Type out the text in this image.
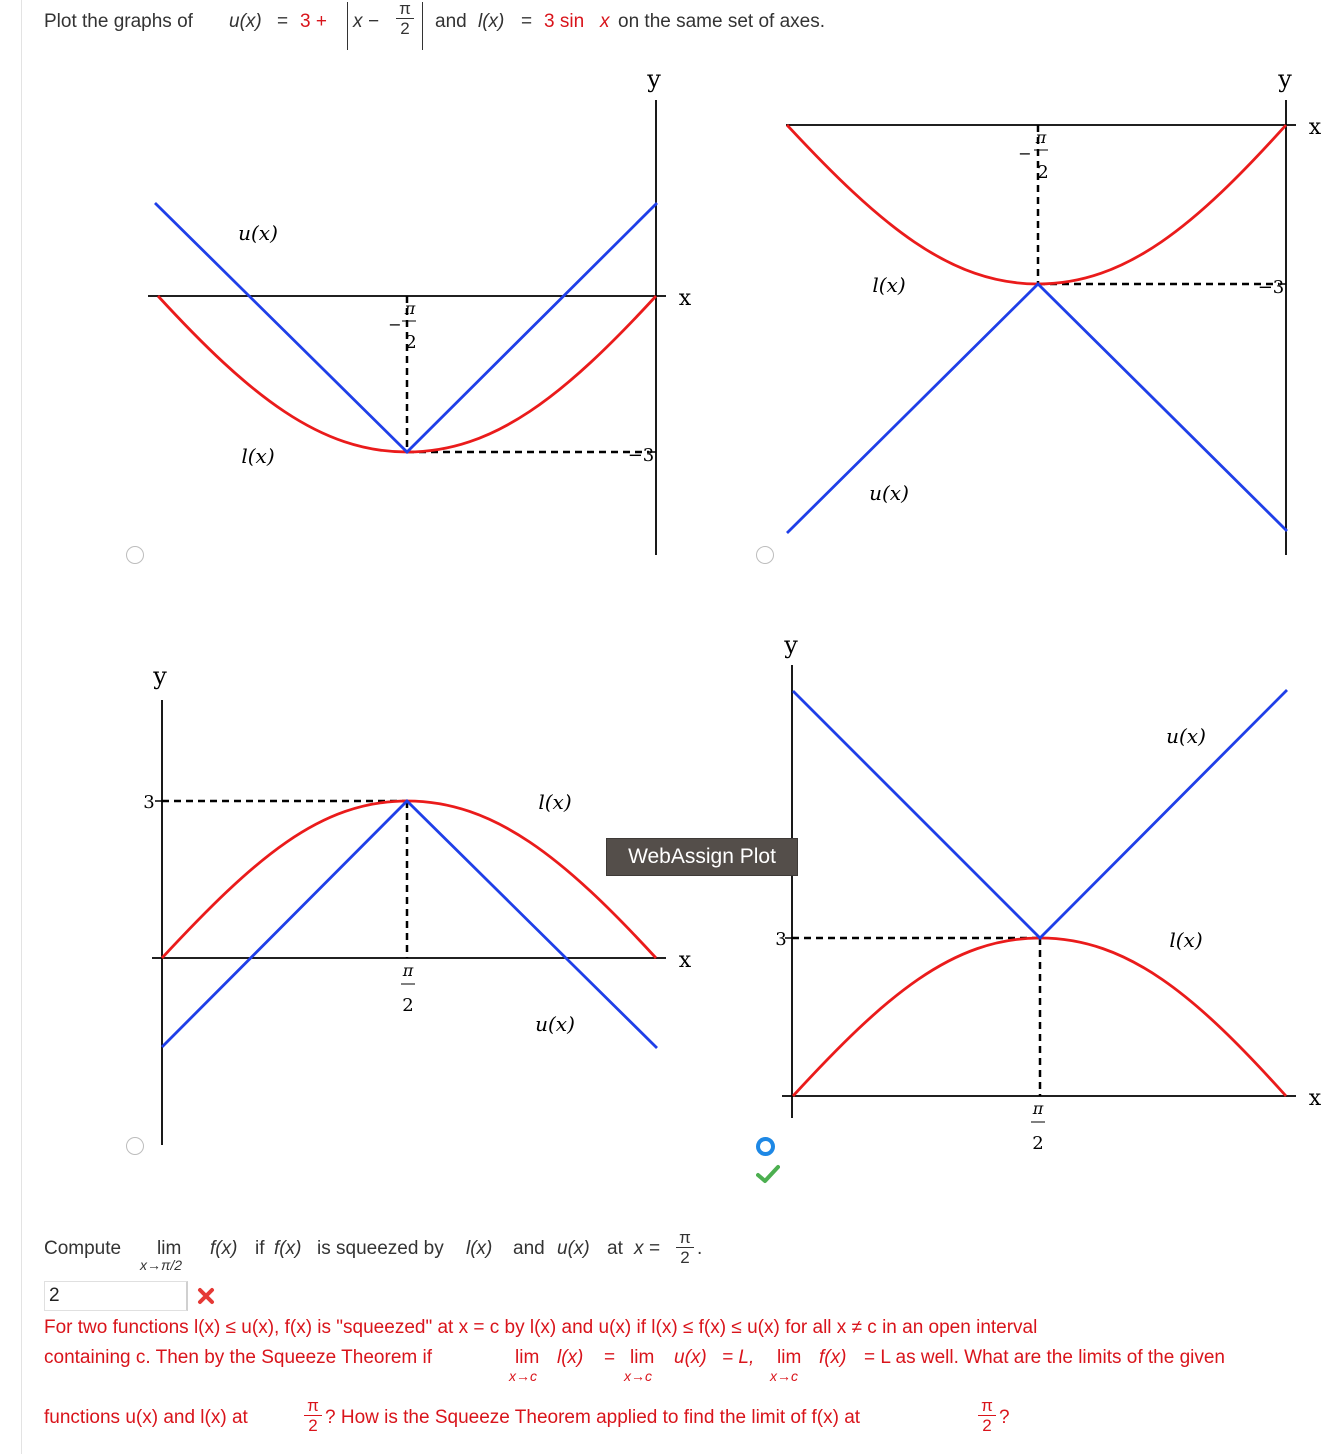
Plot the graphs of $u(x) = 3 + x - \frac{\pi}{2}$ and l(x) = 3 sin x on the same set of axes.
y
x
−3
u(x)
l(x)
π
−
2
y
x
−3
l(x)
u(x)
π
−
2
y
x
3	l(x)
u(x)
π
2
y
x
3
u(x)
l(x)
π
2
WebAssign Plot
Compute lim
x→π/2
f(x) if f(x) is squeezed by l(x) and u(x) at $x = \frac{\pi}{2}$ .
2
For two functions l(x) ≤ u(x), f(x) is "squeezed" at x = c by l(x) and u(x) if l(x) ≤ f(x) ≤ u(x) for all x ≠ c in an open interval
containing c. Then by the Squeeze Theorem if	lim
x→c
l(x) = lim
x→c
u(x) = L, lim
x→c
f(x) = L as well. What are the limits of the given
functions u(x) and l(x) at	$\frac{\pi}{2}$ ? How is the Squeeze Theorem applied to find the limit of f(x) at	$\frac{\pi}{2}$ ?
